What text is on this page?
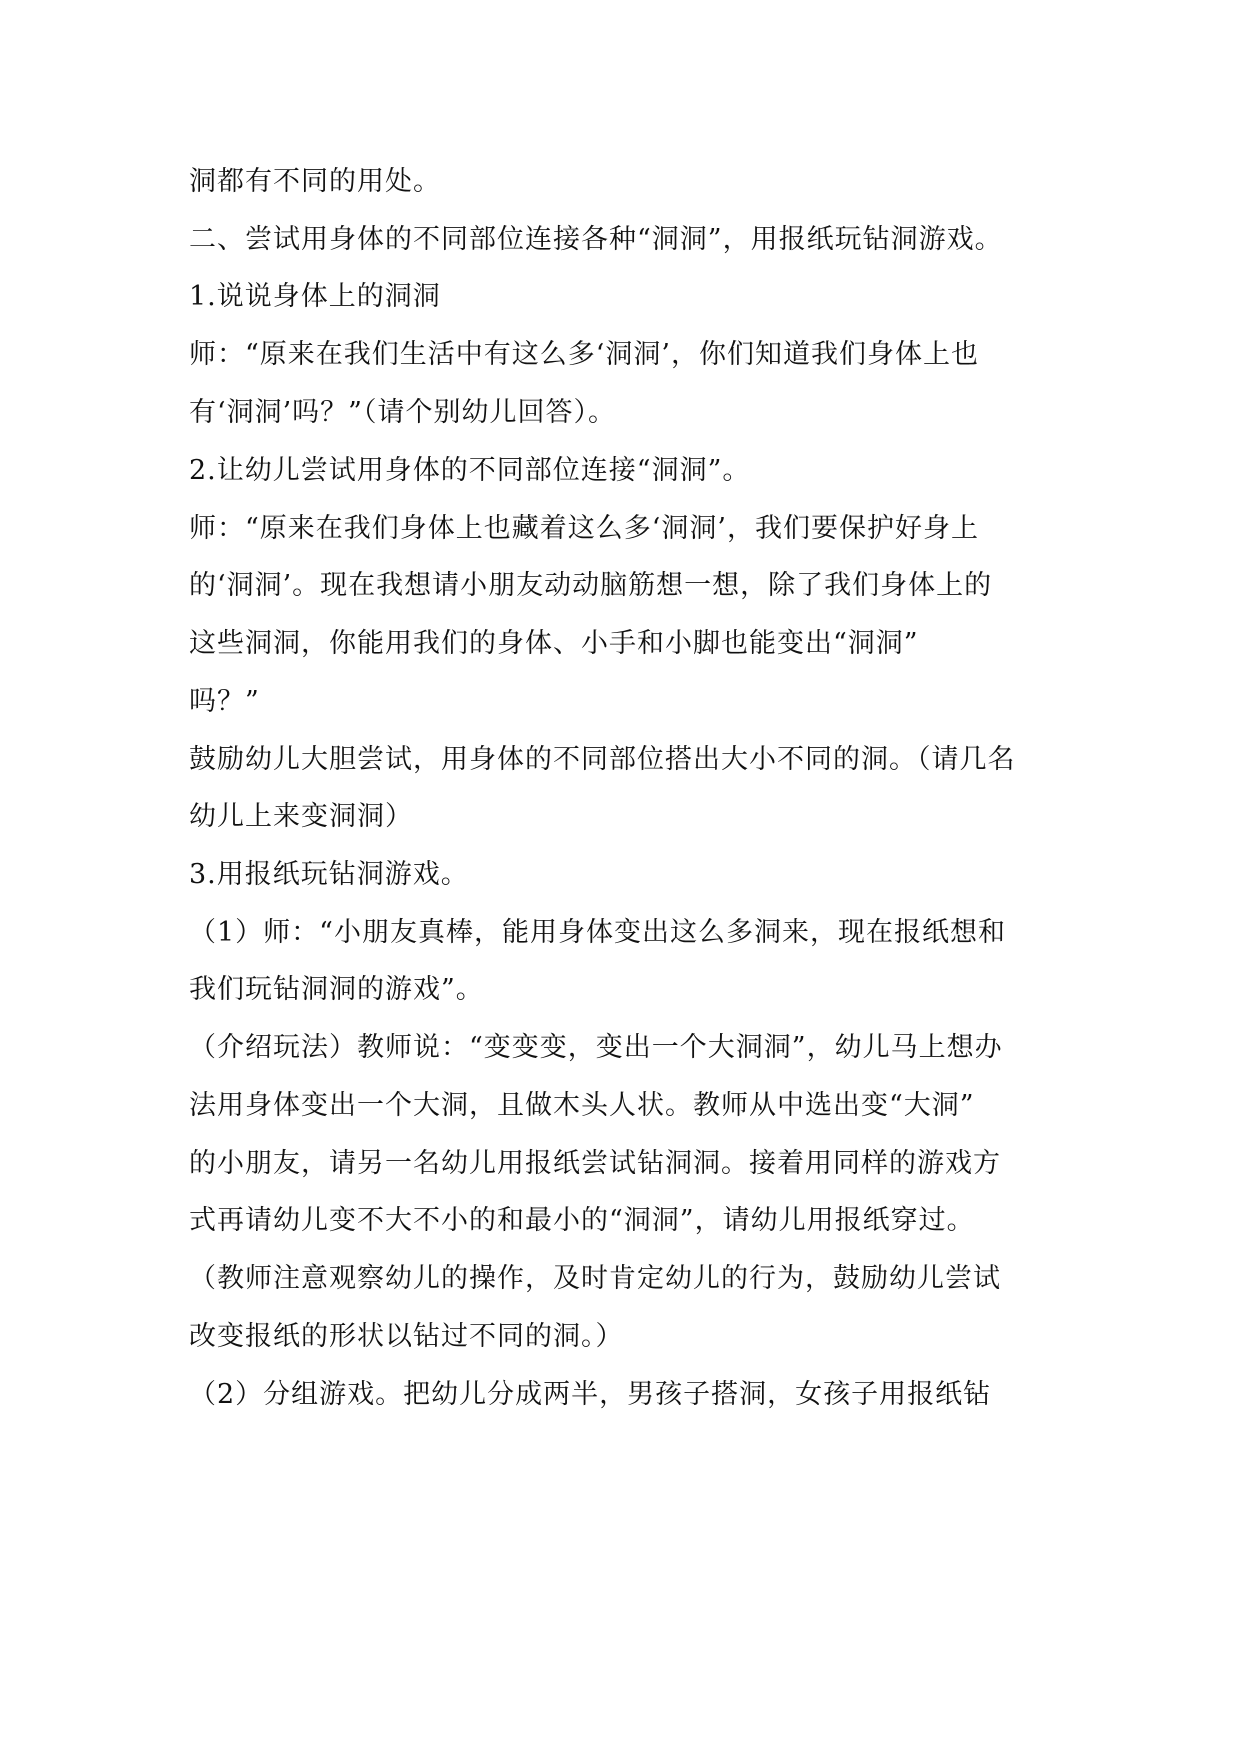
洞都有不同的用处。
二、尝试用身体的不同部位连接各种“洞洞”，用报纸玩钻洞游戏。
1.说说身体上的洞洞
师：“原来在我们生活中有这么多‘洞洞’，你们知道我们身体上也
有‘洞洞’吗？”（请个别幼儿回答）。
2.让幼儿尝试用身体的不同部位连接“洞洞”。
师：“原来在我们身体上也藏着这么多‘洞洞’，我们要保护好身上
的‘洞洞’。现在我想请小朋友动动脑筋想一想，除了我们身体上的
这些洞洞，你能用我们的身体、小手和小脚也能变出“洞洞”
吗？”
鼓励幼儿大胆尝试，用身体的不同部位搭出大小不同的洞。（请几名
幼儿上来变洞洞）
3.用报纸玩钻洞游戏。
（1）师：“小朋友真棒，能用身体变出这么多洞来，现在报纸想和
我们玩钻洞洞的游戏”。
（介绍玩法）教师说：“变变变，变出一个大洞洞”，幼儿马上想办
法用身体变出一个大洞，且做木头人状。教师从中选出变“大洞”
的小朋友，请另一名幼儿用报纸尝试钻洞洞。接着用同样的游戏方
式再请幼儿变不大不小的和最小的“洞洞”，请幼儿用报纸穿过。
（教师注意观察幼儿的操作，及时肯定幼儿的行为，鼓励幼儿尝试
改变报纸的形状以钻过不同的洞。）
（2）分组游戏。把幼儿分成两半，男孩子搭洞，女孩子用报纸钻
